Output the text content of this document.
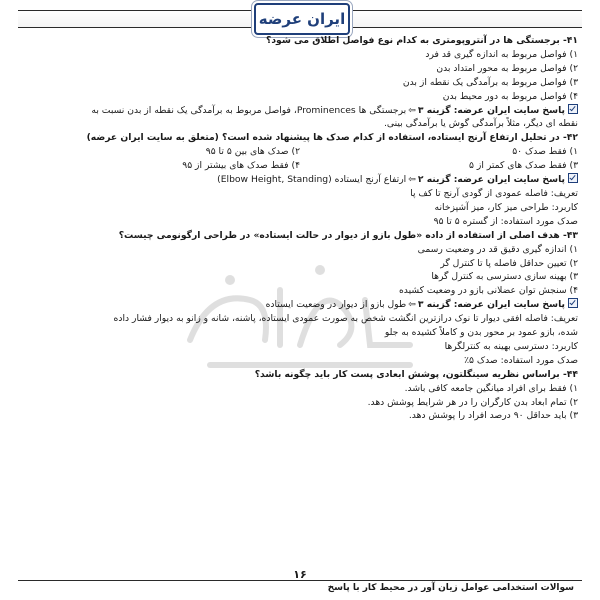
ایران عرضه
۴۱- برجستگی ها در آنتروپومتری به کدام نوع فواصل اطلاق می شود؟
۱) فواصل مربوط به اندازه گیری قد فرد
۲) فواصل مربوط به محور امتداد بدن
۳) فواصل مربوط به برآمدگی یک نقطه از بدن
۴) فواصل مربوط به دور محیط بدن
پاسخ سایت ایران عرضه: گزینه ۳⇦برجستگی ها Prominences، فواصل مربوط به برآمدگی یک نقطه از بدن نسبت به
نقطه ای دیگر، مثلاً برآمدگی گوش یا برآمدگی بینی.
۴۲- در تحلیل ارتفاع آرنج ایستاده، استفاده از کدام صدک ها پیشنهاد شده است؟ (متعلق به سایت ایران عرضه)
۱) فقط صدک ۵۰
۲) صدک های بین ۵ تا ۹۵
۳) فقط صدک های کمتر از ۵
۴) فقط صدک های بیشتر از ۹۵
پاسخ سایت ایران عرضه: گزینه ۲⇦ارتفاع آرنج ایستاده (Elbow Height, Standing)
تعریف: فاصله عمودی از گودی آرنج تا کف پا
کاربرد: طراحی میز کار، میز آشپزخانه
صدک مورد استفاده: از گستره ۵ تا ۹۵
۴۳- هدف اصلی از استفاده از داده «طول بازو از دیوار در حالت ایستاده» در طراحی ارگونومی چیست؟
۱) اندازه گیری دقیق قد در وضعیت رسمی
۲) تعیین حداقل فاصله پا تا کنترل گر
۳) بهینه سازی دسترسی به کنترل گرها
۴) سنجش توان عضلانی بازو در وضعیت کشیده
پاسخ سایت ایران عرضه: گزینه ۳⇦طول بازو از دیوار در وضعیت ایستاده
تعریف: فاصله افقی دیوار تا نوک درازترین انگشت شخص به صورت عمودی ایستاده، پاشنه، شانه و زانو به دیوار فشار داده
شده، بازو عمود بر محور بدن و کاملاً کشیده به جلو
کاربرد: دسترسی بهینه به کنترلگرها
صدک مورد استفاده: صدک ۵٪
۴۴- براساس نظریه سینگلتون، پوشش ابعادی پست کار باید چگونه باشد؟
۱) فقط برای افراد میانگین جامعه کافی باشد.
۲) تمام ابعاد بدن کارگران را در هر شرایط پوشش دهد.
۳) باید حداقل ۹۰ درصد افراد را پوشش دهد.
۱۶
سوالات استخدامی عوامل زیان آور در محیط کار با پاسخ
